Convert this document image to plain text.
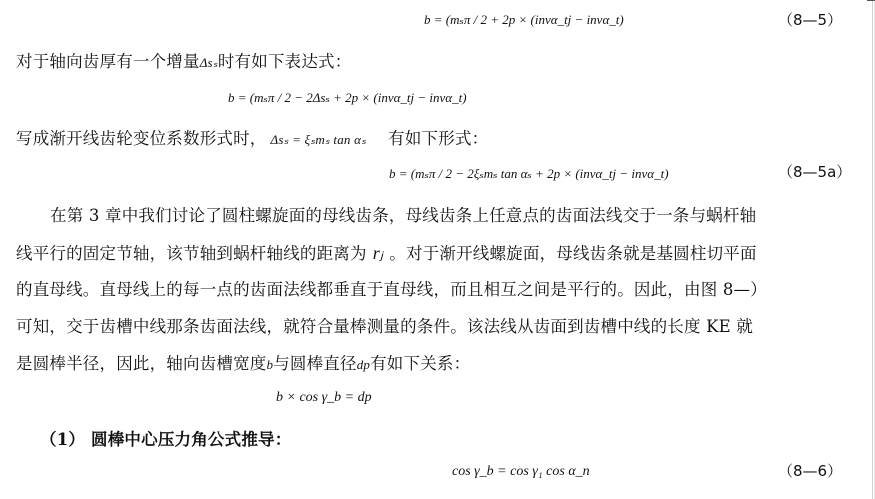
b = (mₛπ / 2 + 2p × (invα_tj − invα_t)	（8—5）
对于轴向齿厚有一个增量Δsₛ时有如下表达式：
b = (mₛπ / 2 − 2Δsₛ + 2p × (invα_tj − invα_t)
写成渐开线齿轮变位系数形式时， Δsₛ = ξₛmₛ tan αₛ 有如下形式：
b = (mₛπ / 2 − 2ξₛmₛ tan αₛ + 2p × (invα_tj − invα_t)	（8—5a）
在第 3 章中我们讨论了圆柱螺旋面的母线齿条，母线齿条上任意点的齿面法线交于一条与蜗杆轴
线平行的固定节轴，该节轴到蜗杆轴线的距离为 rⱼ 。对于渐开线螺旋面，母线齿条就是基圆柱切平面
的直母线。直母线上的每一点的齿面法线都垂直于直母线，而且相互之间是平行的。因此，由图 8—）
可知，交于齿槽中线那条齿面法线，就符合量棒测量的条件。该法线从齿面到齿槽中线的长度 KE 就
是圆棒半径，因此，轴向齿槽宽度b与圆棒直径dp有如下关系：
b × cos γ_b = dp
（1） 圆棒中心压力角公式推导：
cos γ_b = cos γ₁ cos α_n	（8—6）
